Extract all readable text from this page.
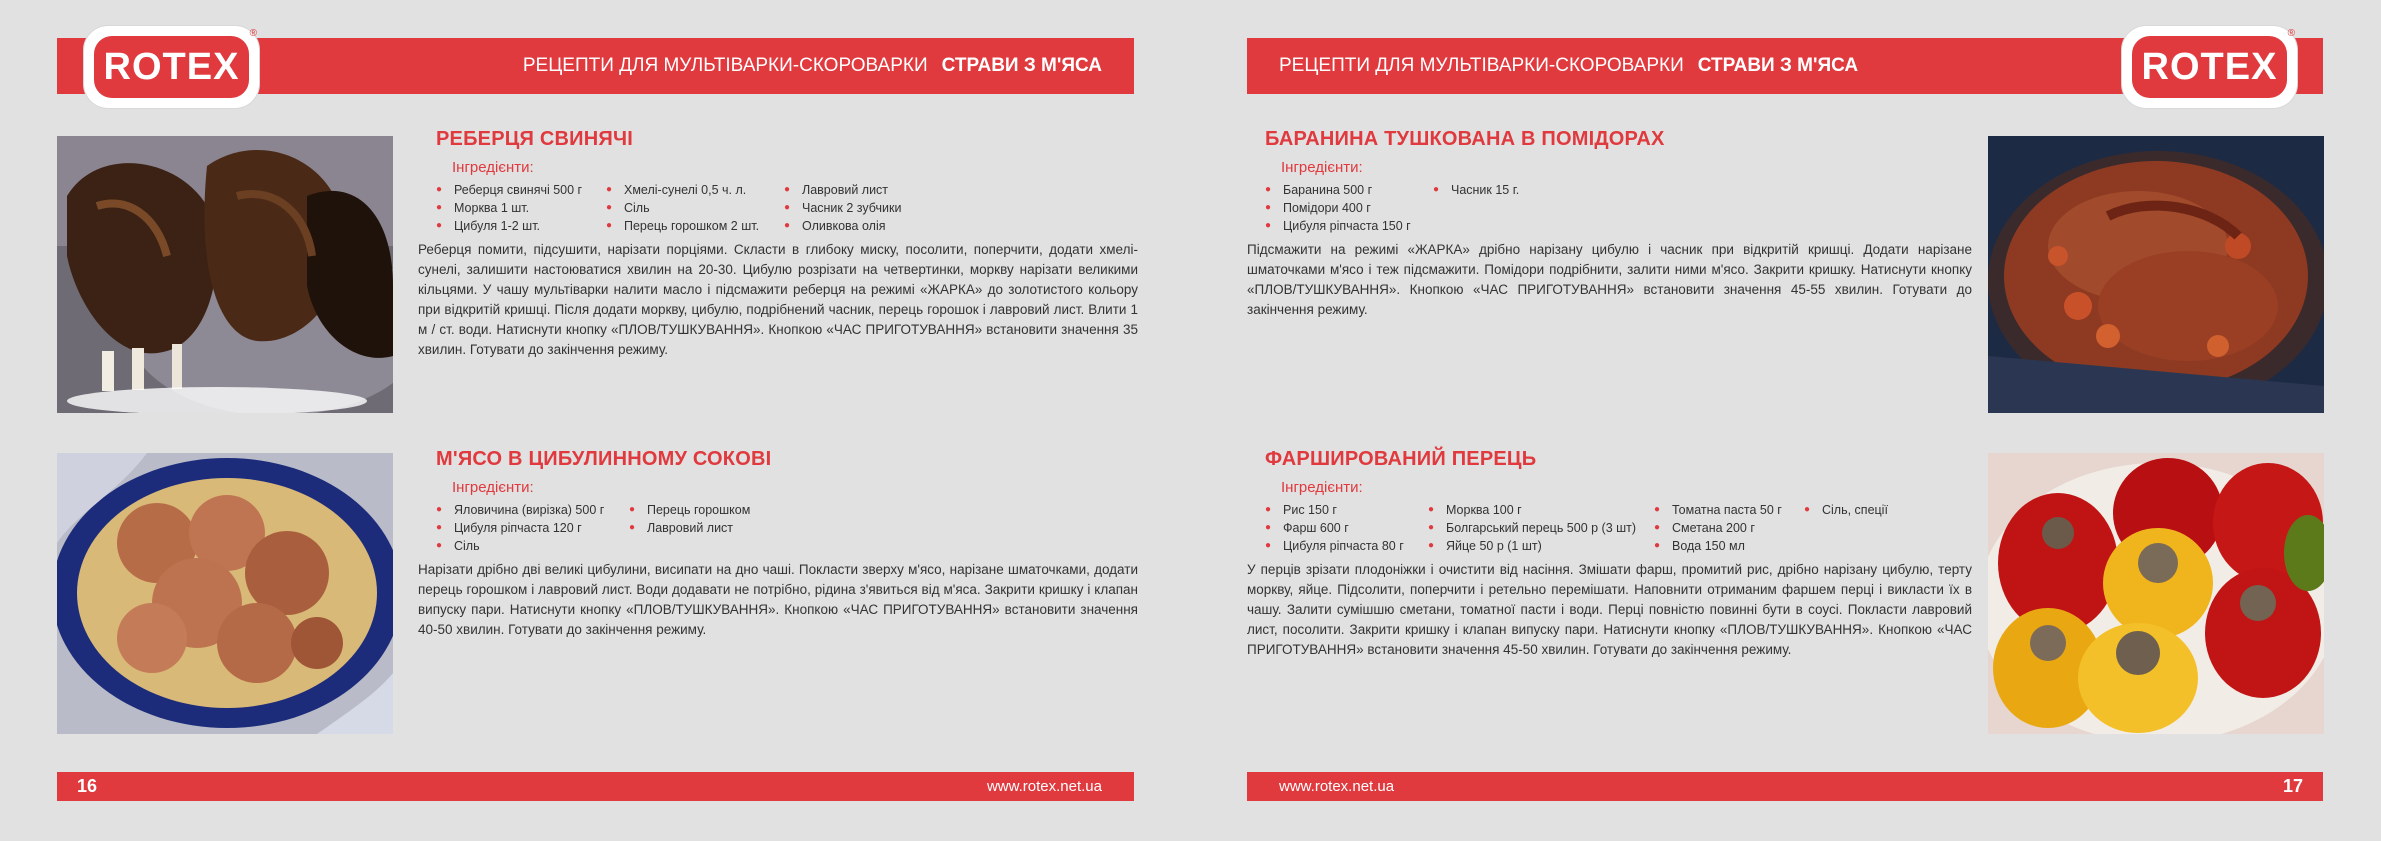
РЕЦЕПТИ ДЛЯ МУЛЬТІВАРКИ-СКОРОВАРКИ СТРАВИ З М'ЯСА
ROTEX
®
РЕБЕРЦЯ СВИНЯЧІ
Інгредієнти:
● Реберця свинячі 500 г
● Морква 1 шт.
● Цибуля 1-2 шт.
● Хмелі-сунелі 0,5 ч. л.
● Сіль
● Перець горошком 2 шт.
● Лавровий лист
● Часник 2 зубчики
● Оливкова олія
Реберця помити, підсушити, нарізати порціями. Скласти в глибоку миску, посолити, поперчити, додати хмелі-сунелі, залишити настоюватися хвилин на 20-30. Цибулю розрізати на четвертинки, моркву нарізати великими кільцями. У чашу мультіварки налити масло і підсмажити реберця на режимі «ЖАРКА» до золотистого кольору при відкритій кришці. Після додати моркву, цибулю, подрібнений часник, перець горошок і лавровий лист. Влити 1 м / ст. води. Натиснути кнопку «ПЛОВ/ТУШКУВАННЯ». Кнопкою «ЧАС ПРИГОТУВАННЯ» встановити значення 35 хвилин. Готувати до закінчення режиму.
М'ЯСО В ЦИБУЛИННОМУ СОКОВІ
Інгредієнти:
● Яловичина (вирізка) 500 г
● Цибуля ріпчаста 120 г
● Сіль
● Перець горошком
● Лавровий лист
Нарізати дрібно дві великі цибулини, висипати на дно чаші. Покласти зверху м'ясо, нарізане шматочками, додати перець горошком і лавровий лист. Води додавати не потрібно, рідина з'явиться від м'яса. Закрити кришку і клапан випуску пари. Натиснути кнопку «ПЛОВ/ТУШКУВАННЯ». Кнопкою «ЧАС ПРИГОТУВАННЯ» встановити значення 40-50 хвилин. Готувати до закінчення режиму.
16	www.rotex.net.ua
РЕЦЕПТИ ДЛЯ МУЛЬТІВАРКИ-СКОРОВАРКИ СТРАВИ З М'ЯСА	ROTEX
®
БАРАНИНА ТУШКОВАНА В ПОМІДОРАХ
Інгредієнти:
● Баранина 500 г
● Помідори 400 г
● Цибуля ріпчаста 150 г
● Часник 15 г.
Підсмажити на режимі «ЖАРКА» дрібно нарізану цибулю і часник при відкритій кришці. Додати нарізане шматочками м'ясо і теж підсмажити. Помідори подрібнити, залити ними м'ясо. Закрити кришку. Натиснути кнопку «ПЛОВ/ТУШКУВАННЯ». Кнопкою «ЧАС ПРИГОТУВАННЯ» встановити значення 45-55 хвилин. Готувати до закінчення режиму.
ФАРШИРОВАНИЙ ПЕРЕЦЬ
Інгредієнти:
● Рис 150 г
● Фарш 600 г
● Цибуля ріпчаста 80 г
● Морква 100 г
● Болгарський перець 500 р (3 шт)
● Яйце 50 р (1 шт)
● Томатна паста 50 г
● Сметана 200 г
● Вода 150 мл
● Сіль, спеції
У перців зрізати плодоніжки і очистити від насіння. Змішати фарш, промитий рис, дрібно нарізану цибулю, терту моркву, яйце. Підсолити, поперчити і ретельно перемішати. Наповнити отриманим фаршем перці і викласти їх в чашу. Залити сумішшю сметани, томатної пасти і води. Перці повністю повинні бути в соусі. Покласти лавровий лист, посолити. Закрити кришку і клапан випуску пари. Натиснути кнопку «ПЛОВ/ТУШКУВАННЯ». Кнопкою «ЧАС ПРИГОТУВАННЯ» встановити значення 45-50 хвилин. Готувати до закінчення режиму.
www.rotex.net.ua	17
